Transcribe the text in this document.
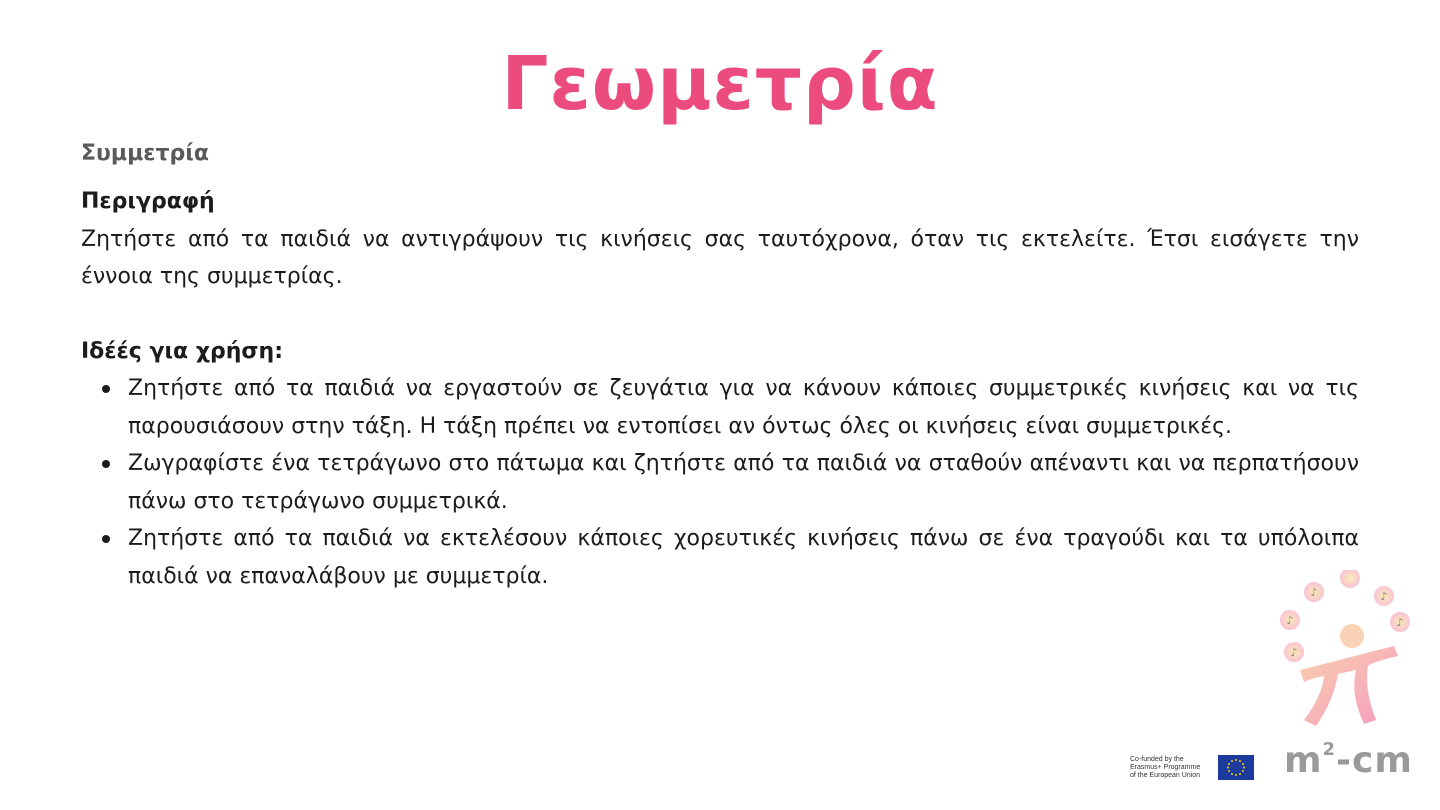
Γεωμετρία
Συμμετρία
Περιγραφή

Ζητήστε από τα παιδιά να αντιγράψουν τις κινήσεις σας ταυτόχρονα, όταν τις εκτελείτε. Έτσι εισάγετε την έννοια της συμμετρίας.

Ιδέές για χρήση:
Ζητήστε από τα παιδιά να εργαστούν σε ζευγάτια για να κάνουν κάποιες συμμετρικές κινήσεις και να τις παρουσιάσουν στην τάξη. Η τάξη πρέπει να εντοπίσει αν όντως όλες οι κινήσεις είναι συμμετρικές.
Ζωγραφίστε ένα τετράγωνο στο πάτωμα και ζητήστε από τα παιδιά να σταθούν απέναντι και να περπατήσουν πάνω στο τετράγωνο συμμετρικά.
Ζητήστε από τα παιδιά να εκτελέσουν κάποιες χορευτικές κινήσεις πάνω σε ένα τραγούδι και τα υπόλοιπα παιδιά να επαναλάβουν με συμμετρία.
♪	♪
♪
♪
♪
Co-funded by the
Erasmus+ Programme
of the European Union	$m^2-cm$
